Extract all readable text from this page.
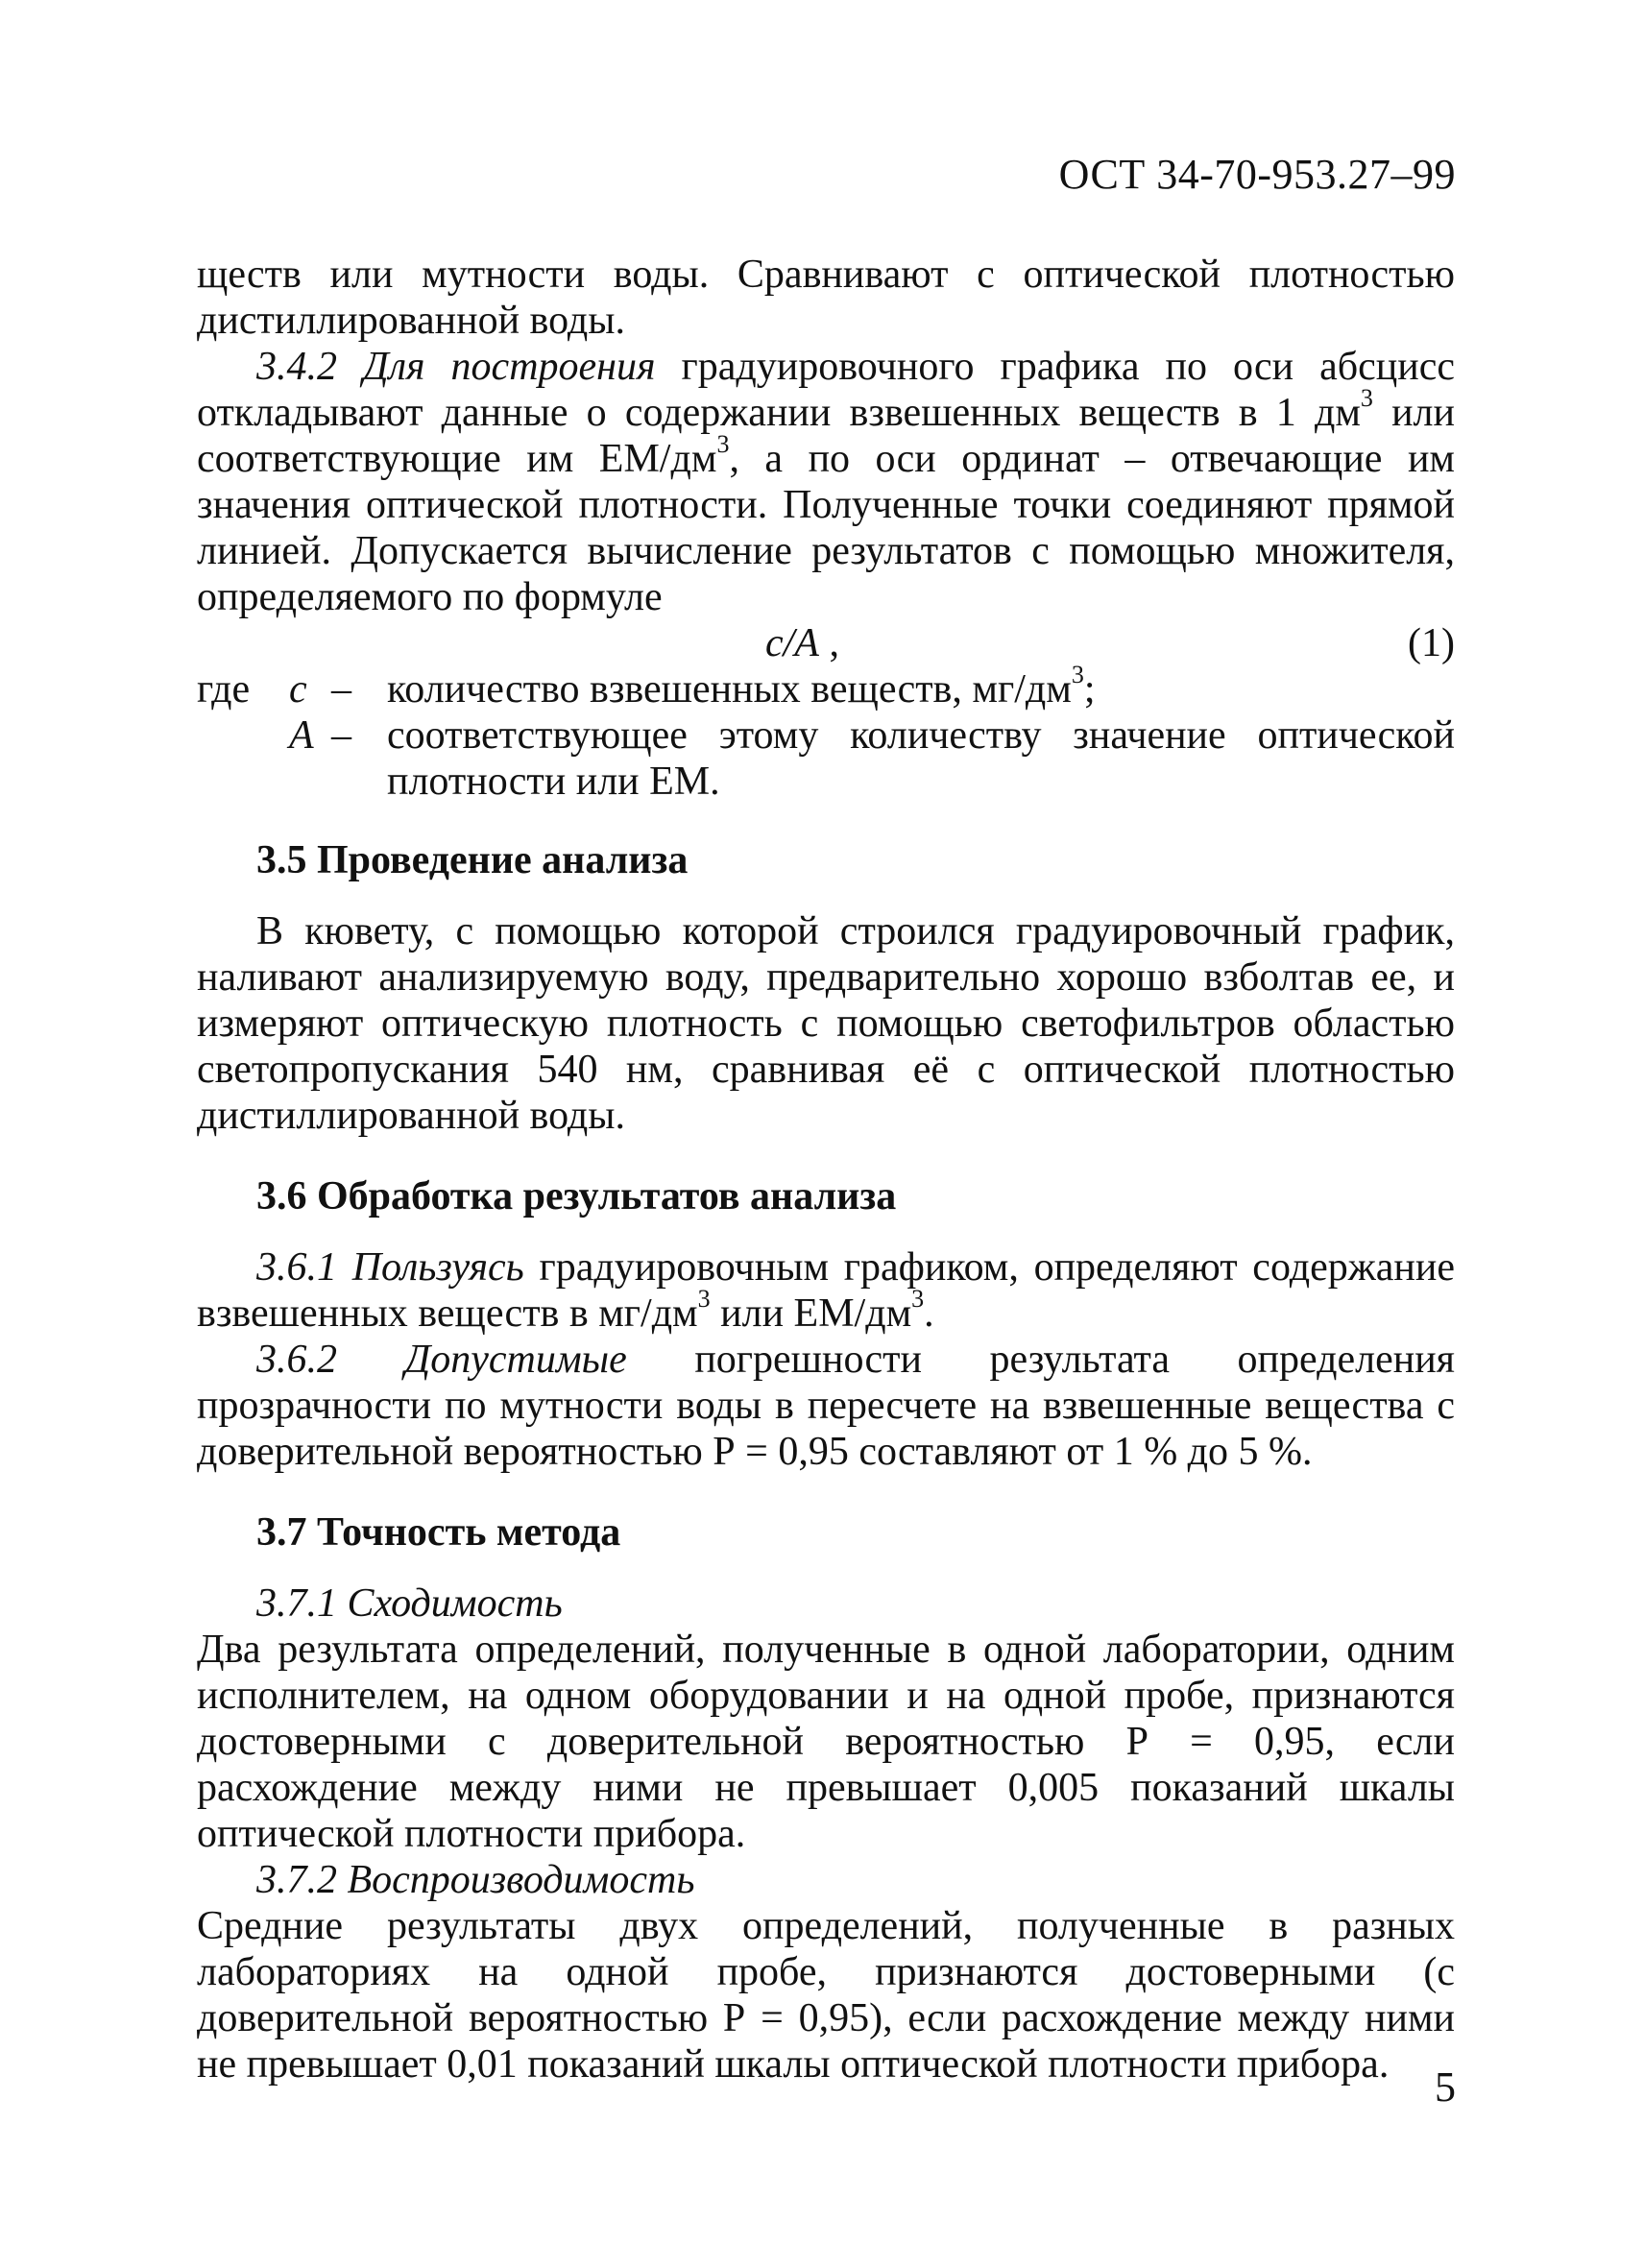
ОСТ 34-70-953.27–99

ществ или мутности воды. Сравнивают с оптической плотностью дистиллированной воды.

3.4.2 Для построения градуировочного графика по оси абсцисс откладывают данные о содержании взвешенных веществ в 1 $дм^3$ или соответствующие им $ЕМ/дм^3$, а по оси ординат – отвечающие им значения оптической плотности. Полученные точки соединяют прямой линией. Допускается вычисление результатов с помощью множителя, определяемого по формуле

c/A ,	(1)
где c – количество взвешенных веществ, $мг/дм^3$;
A – соответствующее этому количеству значение оптической плотности или ЕМ.
3.5 Проведение анализа

В кювету, с помощью которой строился градуировочный график, наливают анализируемую воду, предварительно хорошо взболтав ее, и измеряют оптическую плотность с помощью светофильтров областью светопропускания 540 нм, сравнивая её с оптической плотностью дистиллированной воды.

3.6 Обработка результатов анализа

3.6.1 Пользуясь градуировочным графиком, определяют содержание взвешенных веществ в $мг/дм^3$ или $ЕМ/дм^3$.

3.6.2 Допустимые погрешности результата определения прозрачности по мутности воды в пересчете на взвешенные вещества с доверительной вероятностью Р = 0,95 составляют от 1 % до 5 %.

3.7 Точность метода

3.7.1 Сходимость

Два результата определений, полученные в одной лаборатории, одним исполнителем, на одном оборудовании и на одной пробе, признаются достоверными с доверительной вероятностью Р = 0,95, если расхождение между ними не превышает 0,005 показаний шкалы оптической плотности прибора.

3.7.2 Воспроизводимость

Средние результаты двух определений, полученные в разных лабораториях на одной пробе, признаются достоверными (с доверительной вероятностью Р = 0,95), если расхождение между ними не превышает 0,01 показаний шкалы оптической плотности прибора.	5
